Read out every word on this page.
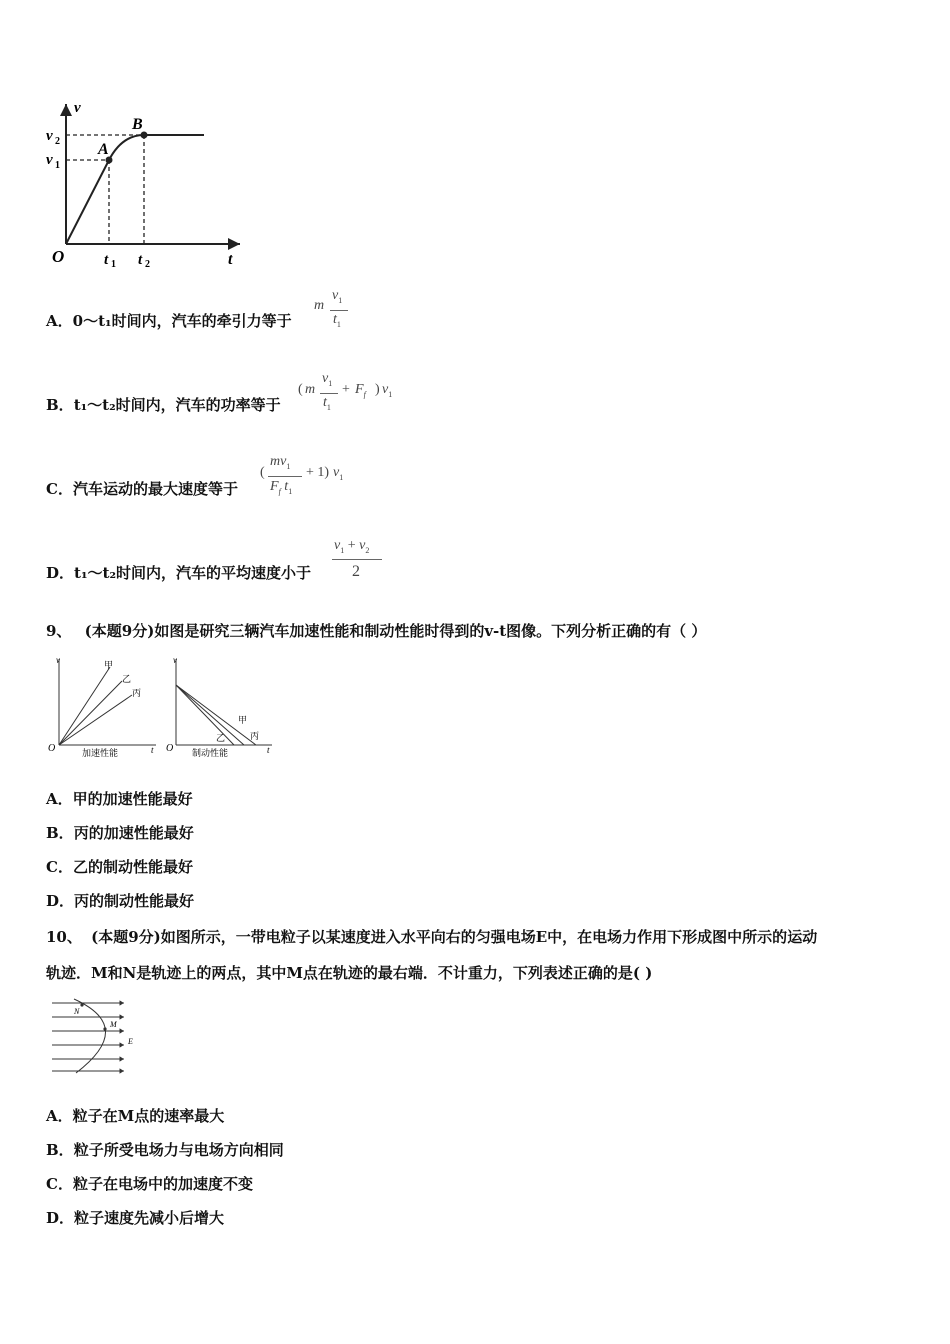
v
t
O
A
B
v 2
v 1
t 1 t 2
A．0～t₁时间内，汽车的牵引力等于
m
$v_1$
$t_1$
B．t₁～t₂时间内，汽车的功率等于
( m
$v_1$
$t_1$
+ $F_f$ ) $v_1$
C．汽车运动的最大速度等于
(
$mv_1$
$F_f$ $t_1$
+ 1) $v_1$
D．t₁～t₂时间内，汽车的平均速度小于
$v_1 + v_2$
2
9、 (本题9分)如图是研究三辆汽车加速性能和制动性能时得到的v-t图像。下列分析正确的有（ ）
v
O	t
甲
乙
丙
加速性能
v
O	t
甲
乙	丙
制动性能
A．甲的加速性能最好
B．丙的加速性能最好
C．乙的制动性能最好
D．丙的制动性能最好
10、 (本题9分)如图所示，一带电粒子以某速度进入水平向右的匀强电场E中，在电场力作用下形成图中所示的运动
轨迹．M和N是轨迹上的两点，其中M点在轨迹的最右端．不计重力，下列表述正确的是( )
N
M
E
A．粒子在M点的速率最大
B．粒子所受电场力与电场方向相同
C．粒子在电场中的加速度不变
D．粒子速度先减小后增大
